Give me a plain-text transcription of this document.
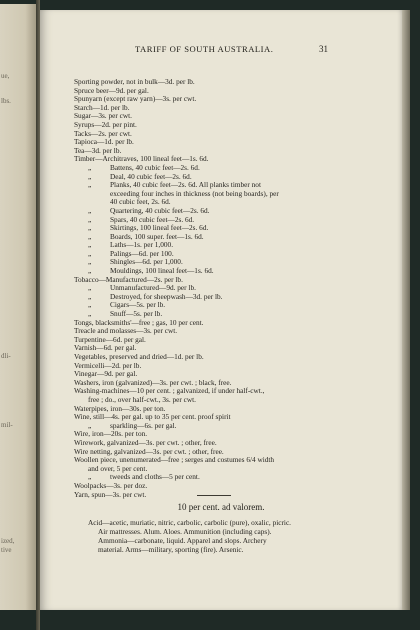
ue,
lbs.
dli-
mil-
ized,
tive
TARIFF OF SOUTH AUSTRALIA.	31
Sporting powder, not in bulk—3d. per lb.
Spruce beer—9d. per gal.
Spunyarn (except raw yarn)—3s. per cwt.
Starch—1d. per lb.
Sugar—3s. per cwt.
Syrups—2d. per pint.
Tacks—2s. per cwt.
Tapioca—1d. per lb.
Tea—3d. per lb.
Timber—Architraves, 100 lineal feet—1s. 6d.
„	Battens, 40 cubic feet—2s. 6d.
„	Deal, 40 cubic feet—2s. 6d.
„	Planks, 40 cubic feet—2s. 6d. All planks timber not
exceeding four inches in thickness (not being boards), per
40 cubic feet, 2s. 6d.
„	Quartering, 40 cubic feet—2s. 6d.
„	Spars, 40 cubic feet—2s. 6d.
„	Skirtings, 100 lineal feet—2s. 6d.
„	Boards, 100 super. feet—1s. 6d.
„	Laths—1s. per 1,000.
„	Palings—6d. per 100.
„	Shingles—6d. per 1,000.
„	Mouldings, 100 lineal feet—1s. 6d.
Tobacco—Manufactured—2s. per lb.
„	Unmanufactured—9d. per lb.
„	Destroyed, for sheepwash—3d. per lb.
„	Cigars—5s. per lb.
„	Snuff—5s. per lb.
Tongs, blacksmiths'—free ; gas, 10 per cent.
Treacle and molasses—3s. per cwt.
Turpentine—6d. per gal.
Varnish—6d. per gal.
Vegetables, preserved and dried—1d. per lb.
Vermicelli—2d. per lb.
Vinegar—9d. per gal.
Washers, iron (galvanized)—3s. per cwt. ; black, free.
Washing-machines—10 per cent. ; galvanized, if under half-cwt.,
free ; do., over half-cwt., 3s. per cwt.
Waterpipes, iron—30s. per ton.
Wine, still—4s. per gal. up to 35 per cent. proof spirit
„	sparkling—6s. per gal.
Wire, iron—20s. per ton.
Wirework, galvanized—3s. per cwt. ; other, free.
Wire netting, galvanized—3s. per cwt. ; other, free.
Woollen piece, unenumerated—free ; serges and costumes 6/4 width
and over, 5 per cent.
„	tweeds and cloths—5 per cent.
Woolpacks—3s. per doz.
Yarn, spun—3s. per cwt.
10 per cent. ad valorem.
Acid—acetic, muriatic, nitric, carbolic, carbolic (pure), oxalic, picric.
Air mattresses. Alum. Aloes. Ammunition (including caps).
Ammonia—carbonate, liquid. Apparel and slops. Archery
material. Arms—military, sporting (fire). Arsenic.
